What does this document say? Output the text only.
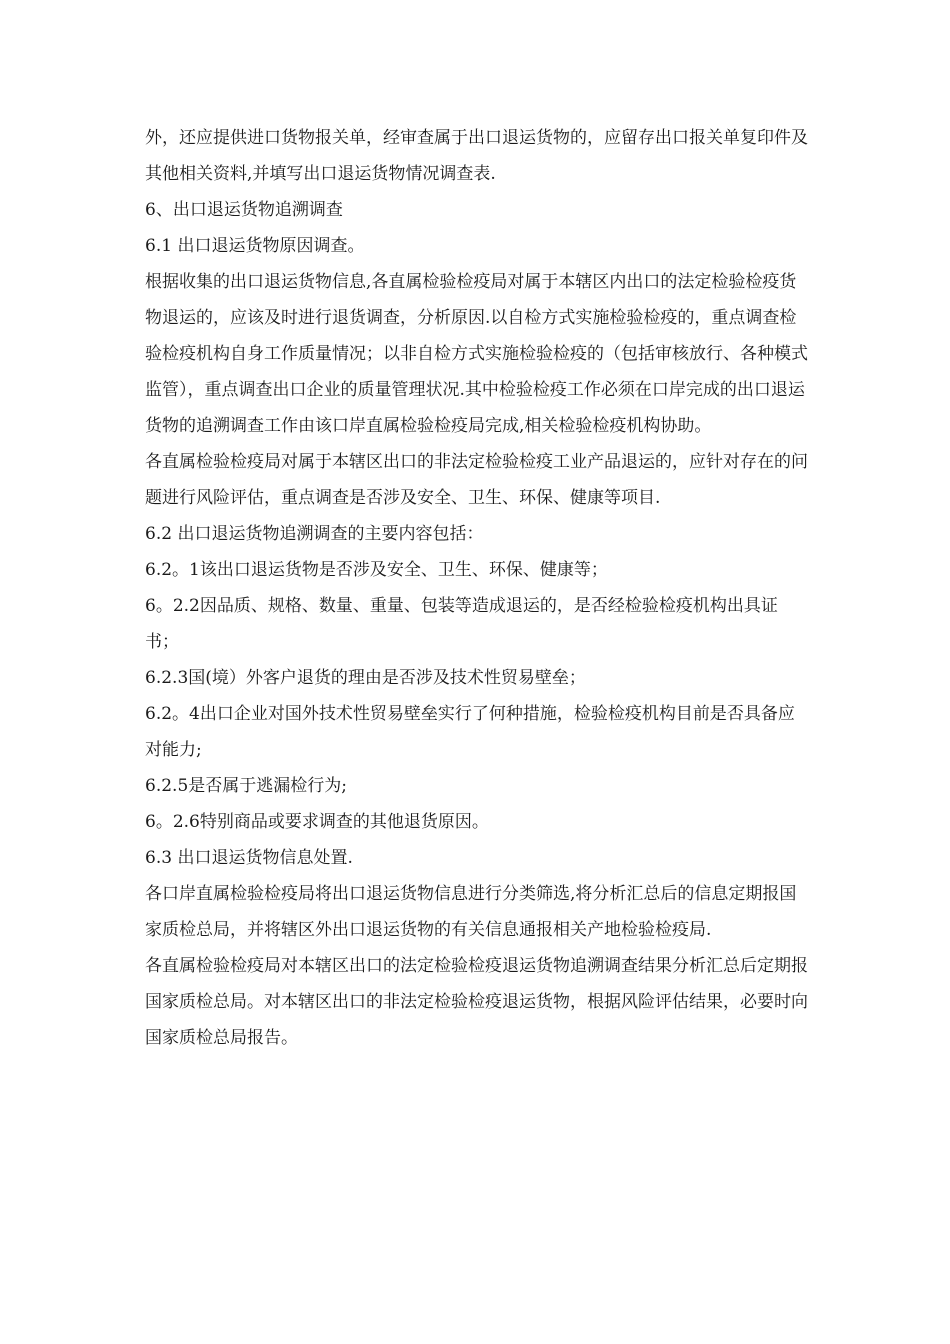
外，还应提供进口货物报关单，经审查属于出口退运货物的，应留存出口报关单复印件及其他相关资料,并填写出口退运货物情况调查表.

6、出口退运货物追溯调查

6.1 出口退运货物原因调查。

根据收集的出口退运货物信息,各直属检验检疫局对属于本辖区内出口的法定检验检疫货物退运的，应该及时进行退货调查，分析原因.以自检方式实施检验检疫的，重点调查检验检疫机构自身工作质量情况；以非自检方式实施检验检疫的（包括审核放行、各种模式监管），重点调查出口企业的质量管理状况.其中检验检疫工作必须在口岸完成的出口退运货物的追溯调查工作由该口岸直属检验检疫局完成,相关检验检疫机构协助。

各直属检验检疫局对属于本辖区出口的非法定检验检疫工业产品退运的，应针对存在的问题进行风险评估，重点调查是否涉及安全、卫生、环保、健康等项目.

6.2 出口退运货物追溯调查的主要内容包括：

6.2。1该出口退运货物是否涉及安全、卫生、环保、健康等；

6。2.2因品质、规格、数量、重量、包装等造成退运的，是否经检验检疫机构出具证书；

6.2.3国(境）外客户退货的理由是否涉及技术性贸易壁垒；

6.2。4出口企业对国外技术性贸易壁垒实行了何种措施，检验检疫机构目前是否具备应对能力;

6.2.5是否属于逃漏检行为;

6。2.6特别商品或要求调查的其他退货原因。

6.3 出口退运货物信息处置.

各口岸直属检验检疫局将出口退运货物信息进行分类筛选,将分析汇总后的信息定期报国家质检总局，并将辖区外出口退运货物的有关信息通报相关产地检验检疫局.

各直属检验检疫局对本辖区出口的法定检验检疫退运货物追溯调查结果分析汇总后定期报国家质检总局。对本辖区出口的非法定检验检疫退运货物，根据风险评估结果，必要时向国家质检总局报告。
